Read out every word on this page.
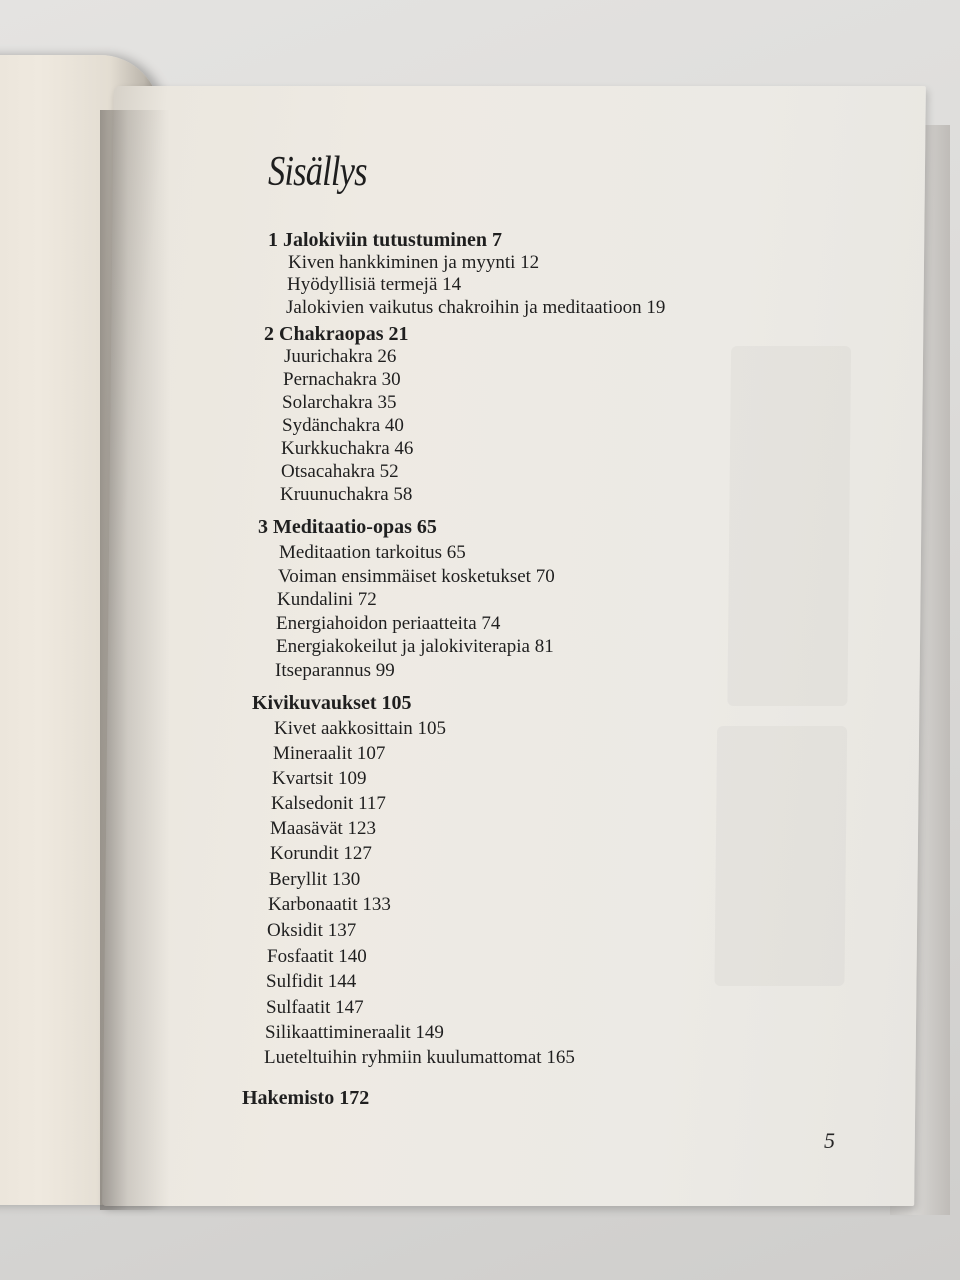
Sisällys
1 Jalokiviin tutustuminen 7
Kiven hankkiminen ja myynti 12
Hyödyllisiä termejä 14
Jalokivien vaikutus chakroihin ja meditaatioon 19
2 Chakraopas 21
Juurichakra 26
Pernachakra 30
Solarchakra 35
Sydänchakra 40
Kurkkuchakra 46
Otsacahakra 52
Kruunuchakra 58
3 Meditaatio-opas 65
Meditaation tarkoitus 65
Voiman ensimmäiset kosketukset 70
Kundalini 72
Energiahoidon periaatteita 74
Energiakokeilut ja jalokiviterapia 81
Itseparannus 99
Kivikuvaukset 105
Kivet aakkosittain 105
Mineraalit 107
Kvartsit 109
Kalsedonit 117
Maasävät 123
Korundit 127
Beryllit 130
Karbonaatit 133
Oksidit 137
Fosfaatit 140
Sulfidit 144
Sulfaatit 147
Silikaattimineraalit 149
Lueteltuihin ryhmiin kuulumattomat 165
Hakemisto 172
5
